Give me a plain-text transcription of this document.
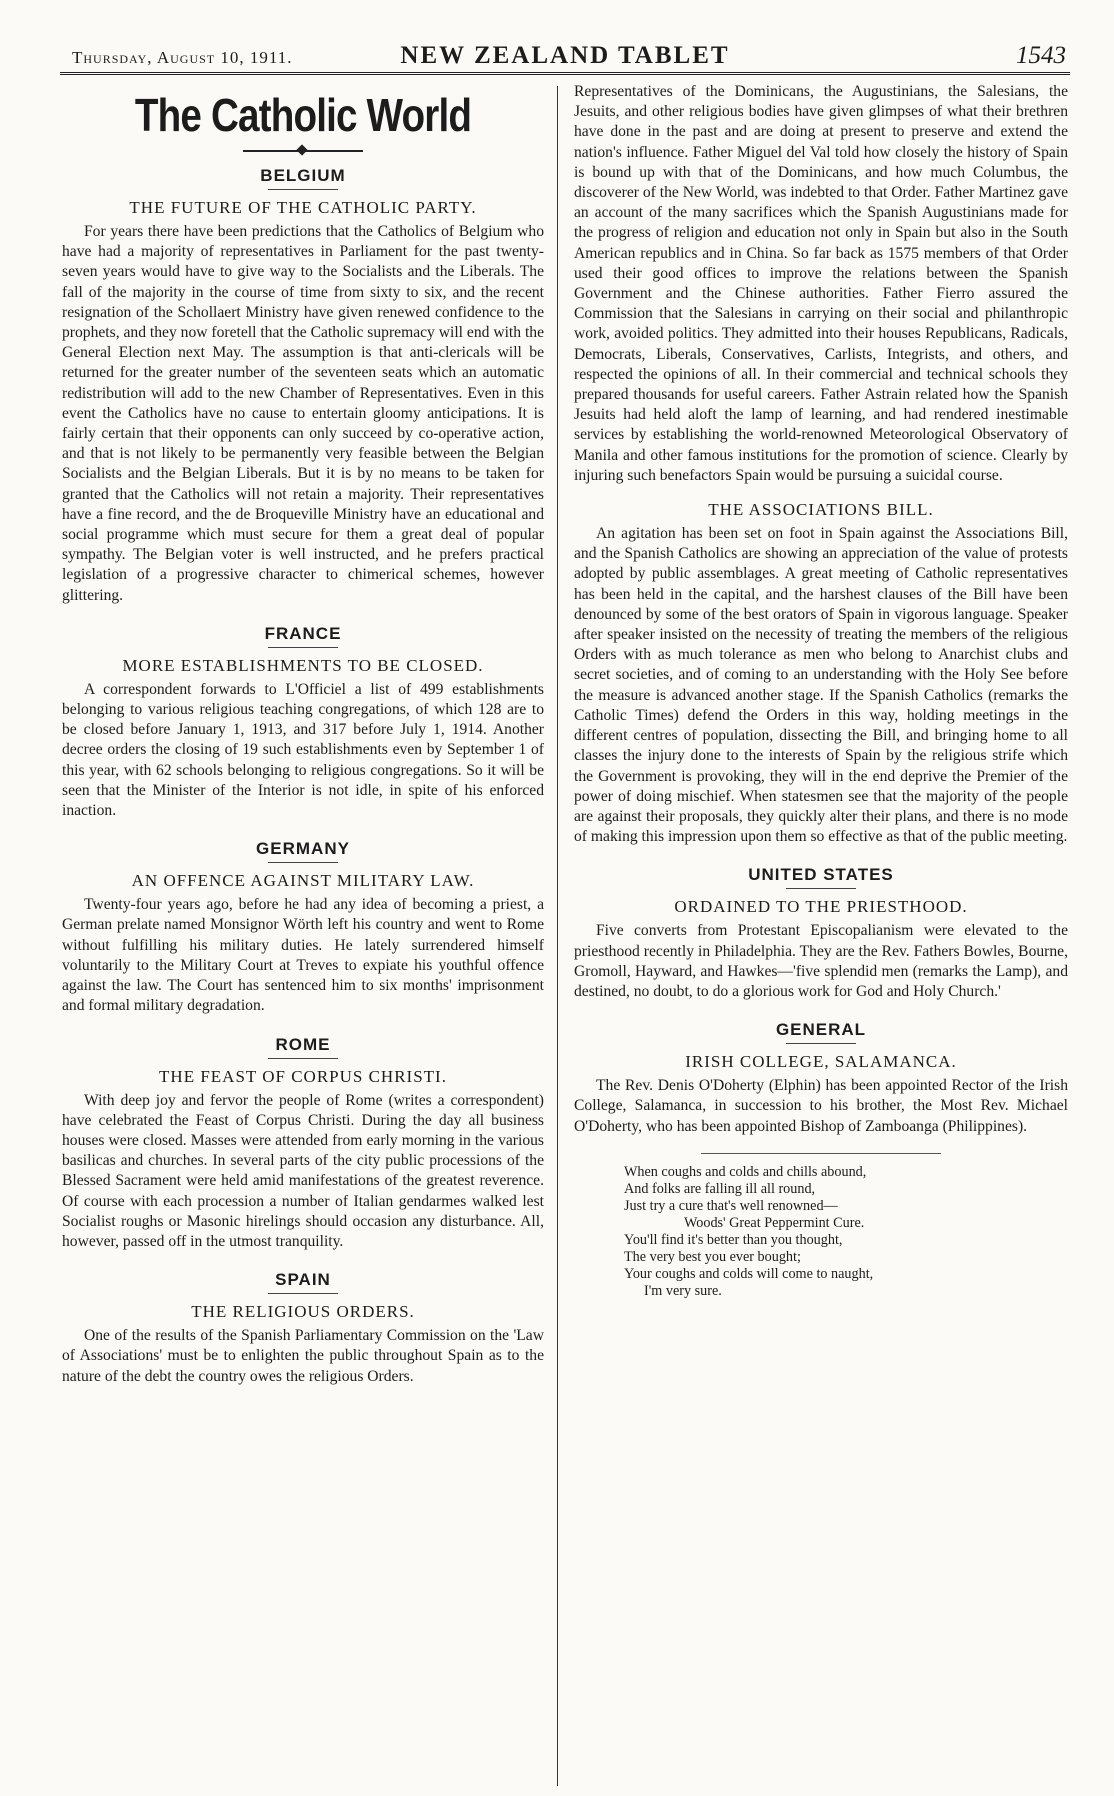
Thursday, August 10, 1911.	NEW ZEALAND TABLET	1543
The Catholic World
BELGIUM
THE FUTURE OF THE CATHOLIC PARTY.

For years there have been predictions that the Catholics of Belgium who have had a majority of representatives in Parliament for the past twenty-seven years would have to give way to the Socialists and the Liberals. The fall of the majority in the course of time from sixty to six, and the recent resignation of the Schollaert Ministry have given renewed confidence to the prophets, and they now foretell that the Catholic supremacy will end with the General Election next May. The assumption is that anti-clericals will be returned for the greater number of the seventeen seats which an automatic redistribution will add to the new Chamber of Representatives. Even in this event the Catholics have no cause to entertain gloomy anticipations. It is fairly certain that their opponents can only succeed by co-operative action, and that is not likely to be permanently very feasible between the Belgian Socialists and the Belgian Liberals. But it is by no means to be taken for granted that the Catholics will not retain a majority. Their representatives have a fine record, and the de Broqueville Ministry have an educational and social programme which must secure for them a great deal of popular sympathy. The Belgian voter is well instructed, and he prefers practical legislation of a progressive character to chimerical schemes, however glittering.

FRANCE
MORE ESTABLISHMENTS TO BE CLOSED.

A correspondent forwards to L'Officiel a list of 499 establishments belonging to various religious teaching congregations, of which 128 are to be closed before January 1, 1913, and 317 before July 1, 1914. Another decree orders the closing of 19 such establishments even by September 1 of this year, with 62 schools belonging to religious congregations. So it will be seen that the Minister of the Interior is not idle, in spite of his enforced inaction.

GERMANY
AN OFFENCE AGAINST MILITARY LAW.

Twenty-four years ago, before he had any idea of becoming a priest, a German prelate named Monsignor Wörth left his country and went to Rome without fulfilling his military duties. He lately surrendered himself voluntarily to the Military Court at Treves to expiate his youthful offence against the law. The Court has sentenced him to six months' imprisonment and formal military degradation.

ROME
THE FEAST OF CORPUS CHRISTI.

With deep joy and fervor the people of Rome (writes a correspondent) have celebrated the Feast of Corpus Christi. During the day all business houses were closed. Masses were attended from early morning in the various basilicas and churches. In several parts of the city public processions of the Blessed Sacrament were held amid manifestations of the greatest reverence. Of course with each procession a number of Italian gendarmes walked lest Socialist roughs or Masonic hirelings should occasion any disturbance. All, however, passed off in the utmost tranquility.

SPAIN
THE RELIGIOUS ORDERS.

One of the results of the Spanish Parliamentary Commission on the 'Law of Associations' must be to enlighten the public throughout Spain as to the nature of the debt the country owes the religious Orders.

Representatives of the Dominicans, the Augustinians, the Salesians, the Jesuits, and other religious bodies have given glimpses of what their brethren have done in the past and are doing at present to preserve and extend the nation's influence. Father Miguel del Val told how closely the history of Spain is bound up with that of the Dominicans, and how much Columbus, the discoverer of the New World, was indebted to that Order. Father Martinez gave an account of the many sacrifices which the Spanish Augustinians made for the progress of religion and education not only in Spain but also in the South American republics and in China. So far back as 1575 members of that Order used their good offices to improve the relations between the Spanish Government and the Chinese authorities. Father Fierro assured the Commission that the Salesians in carrying on their social and philanthropic work, avoided politics. They admitted into their houses Republicans, Radicals, Democrats, Liberals, Conservatives, Carlists, Integrists, and others, and respected the opinions of all. In their commercial and technical schools they prepared thousands for useful careers. Father Astrain related how the Spanish Jesuits had held aloft the lamp of learning, and had rendered inestimable services by establishing the world-renowned Meteorological Observatory of Manila and other famous institutions for the promotion of science. Clearly by injuring such benefactors Spain would be pursuing a suicidal course.

THE ASSOCIATIONS BILL.

An agitation has been set on foot in Spain against the Associations Bill, and the Spanish Catholics are showing an appreciation of the value of protests adopted by public assemblages. A great meeting of Catholic representatives has been held in the capital, and the harshest clauses of the Bill have been denounced by some of the best orators of Spain in vigorous language. Speaker after speaker insisted on the necessity of treating the members of the religious Orders with as much tolerance as men who belong to Anarchist clubs and secret societies, and of coming to an understanding with the Holy See before the measure is advanced another stage. If the Spanish Catholics (remarks the Catholic Times) defend the Orders in this way, holding meetings in the different centres of population, dissecting the Bill, and bringing home to all classes the injury done to the interests of Spain by the religious strife which the Government is provoking, they will in the end deprive the Premier of the power of doing mischief. When statesmen see that the majority of the people are against their proposals, they quickly alter their plans, and there is no mode of making this impression upon them so effective as that of the public meeting.

UNITED STATES
ORDAINED TO THE PRIESTHOOD.

Five converts from Protestant Episcopalianism were elevated to the priesthood recently in Philadelphia. They are the Rev. Fathers Bowles, Bourne, Gromoll, Hayward, and Hawkes—'five splendid men (remarks the Lamp), and destined, no doubt, to do a glorious work for God and Holy Church.'

GENERAL
IRISH COLLEGE, SALAMANCA.

The Rev. Denis O'Doherty (Elphin) has been appointed Rector of the Irish College, Salamanca, in succession to his brother, the Most Rev. Michael O'Doherty, who has been appointed Bishop of Zamboanga (Philippines).

When coughs and colds and chills abound,
And folks are falling ill all round,
Just try a cure that's well renowned—
Woods' Great Peppermint Cure.
You'll find it's better than you thought,
The very best you ever bought;
Your coughs and colds will come to naught,
I'm very sure.
